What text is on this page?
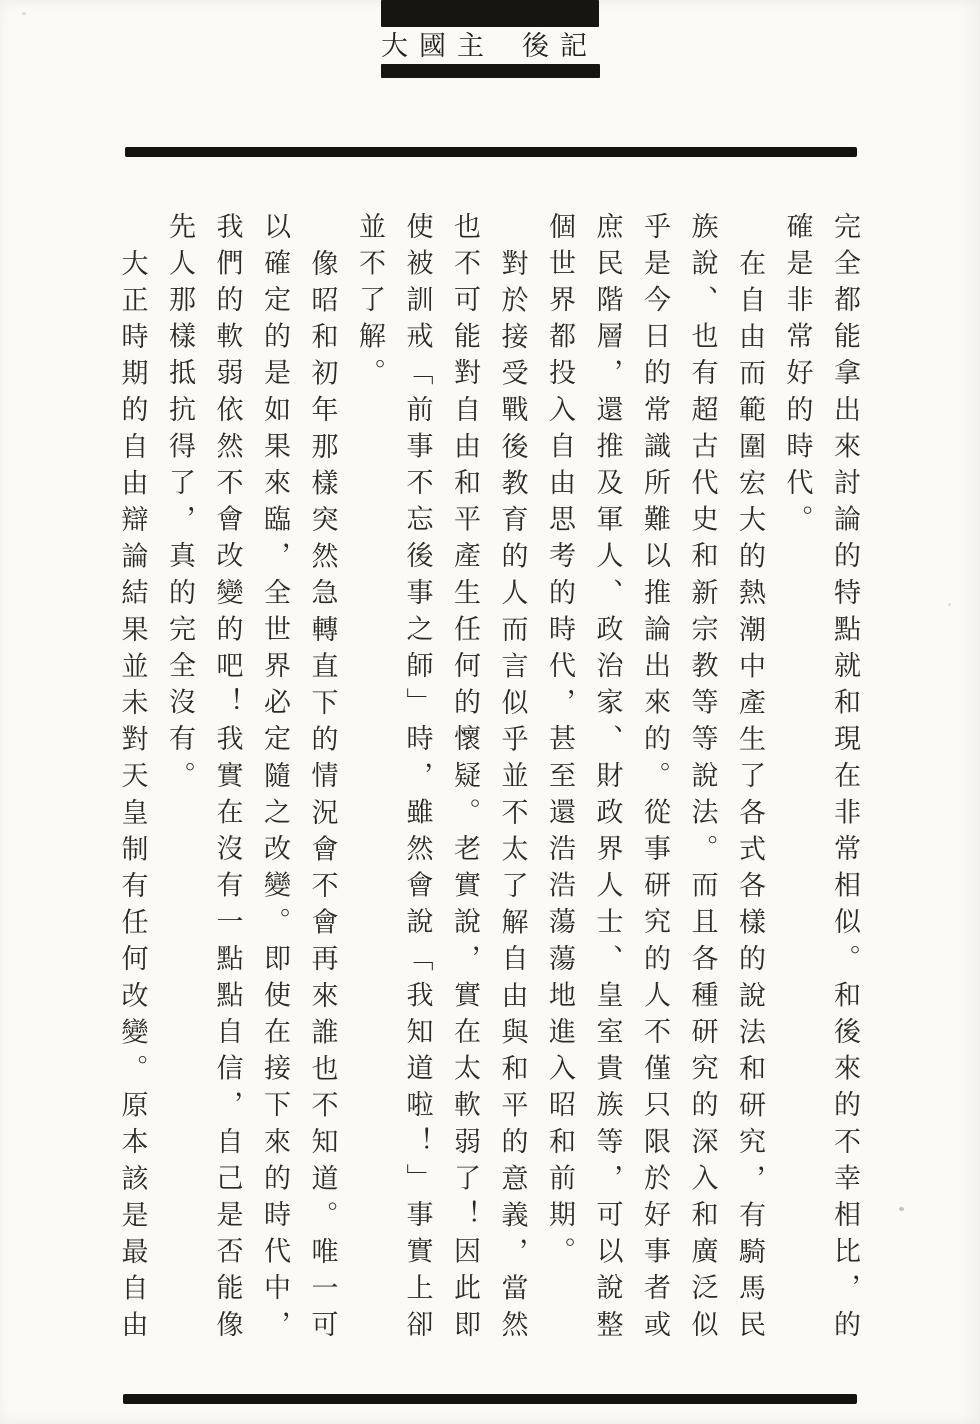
大國主 後記

完全都能拿出來討論的特點就和現在非常相似。和後來的不幸相比，的確是非常好的時代。

在自由而範圍宏大的熱潮中產生了各式各樣的說法和研究，有騎馬民族說、也有超古代史和新宗教等等說法。而且各種研究的深入和廣泛似乎是今日的常識所難以推論出來的。從事研究的人不僅只限於好事者或庶民階層，還推及軍人、政治家、財政界人士、皇室貴族等，可以說整個世界都投入自由思考的時代，甚至還浩浩蕩蕩地進入昭和前期。

對於接受戰後教育的人而言似乎並不太了解自由與和平的意義，當然也不可能對自由和平產生任何的懷疑。老實說，實在太軟弱了！因此即使被訓戒「前事不忘後事之師」時，雖然會說「我知道啦！」事實上卻並不了解。

像昭和初年那樣突然急轉直下的情況會不會再來誰也不知道。唯一可以確定的是如果來臨，全世界必定隨之改變。即使在接下來的時代中，我們的軟弱依然不會改變的吧！我實在沒有一點點自信，自己是否能像先人那樣抵抗得了，真的完全沒有。

大正時期的自由辯論結果並未對天皇制有任何改變。原本該是最自由
